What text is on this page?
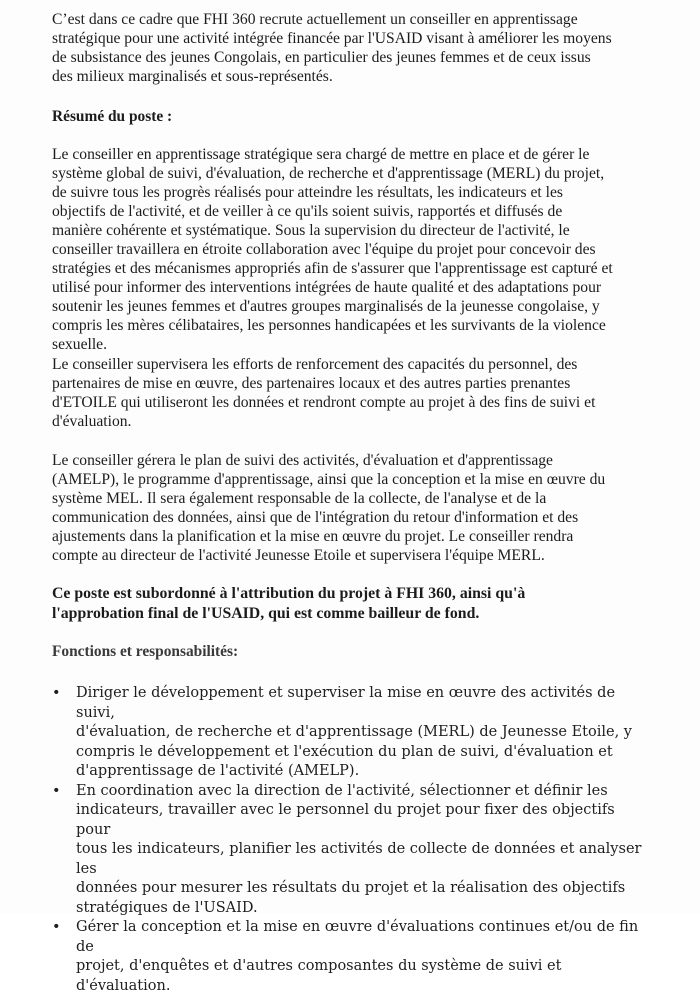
C’est dans ce cadre que FHI 360 recrute actuellement un conseiller en apprentissage
stratégique pour une activité intégrée financée par l'USAID visant à améliorer les moyens
de subsistance des jeunes Congolais, en particulier des jeunes femmes et de ceux issus
des milieux marginalisés et sous-représentés.

Résumé du poste :

Le conseiller en apprentissage stratégique sera chargé de mettre en place et de gérer le
système global de suivi, d'évaluation, de recherche et d'apprentissage (MERL) du projet,
de suivre tous les progrès réalisés pour atteindre les résultats, les indicateurs et les
objectifs de l'activité, et de veiller à ce qu'ils soient suivis, rapportés et diffusés de
manière cohérente et systématique. Sous la supervision du directeur de l'activité, le
conseiller travaillera en étroite collaboration avec l'équipe du projet pour concevoir des
stratégies et des mécanismes appropriés afin de s'assurer que l'apprentissage est capturé et
utilisé pour informer des interventions intégrées de haute qualité et des adaptations pour
soutenir les jeunes femmes et d'autres groupes marginalisés de la jeunesse congolaise, y
compris les mères célibataires, les personnes handicapées et les survivants de la violence
sexuelle.

Le conseiller supervisera les efforts de renforcement des capacités du personnel, des
partenaires de mise en œuvre, des partenaires locaux et des autres parties prenantes
d'ETOILE qui utiliseront les données et rendront compte au projet à des fins de suivi et
d'évaluation.

Le conseiller gérera le plan de suivi des activités, d'évaluation et d'apprentissage
(AMELP), le programme d'apprentissage, ainsi que la conception et la mise en œuvre du
système MEL. Il sera également responsable de la collecte, de l'analyse et de la
communication des données, ainsi que de l'intégration du retour d'information et des
ajustements dans la planification et la mise en œuvre du projet. Le conseiller rendra
compte au directeur de l'activité Jeunesse Etoile et supervisera l'équipe MERL.

Ce poste est subordonné à l'attribution du projet à FHI 360, ainsi qu'à
l'approbation final de l'USAID, qui est comme bailleur de fond.

Fonctions et responsabilités:

• Diriger le développement et superviser la mise en œuvre des activités de suivi,
d'évaluation, de recherche et d'apprentissage (MERL) de Jeunesse Etoile, y
compris le développement et l'exécution du plan de suivi, d'évaluation et
d'apprentissage de l'activité (AMELP).
• En coordination avec la direction de l'activité, sélectionner et définir les
indicateurs, travailler avec le personnel du projet pour fixer des objectifs pour
tous les indicateurs, planifier les activités de collecte de données et analyser les
données pour mesurer les résultats du projet et la réalisation des objectifs
stratégiques de l'USAID.
• Gérer la conception et la mise en œuvre d'évaluations continues et/ou de fin de
projet, d'enquêtes et d'autres composantes du système de suivi et d'évaluation.
